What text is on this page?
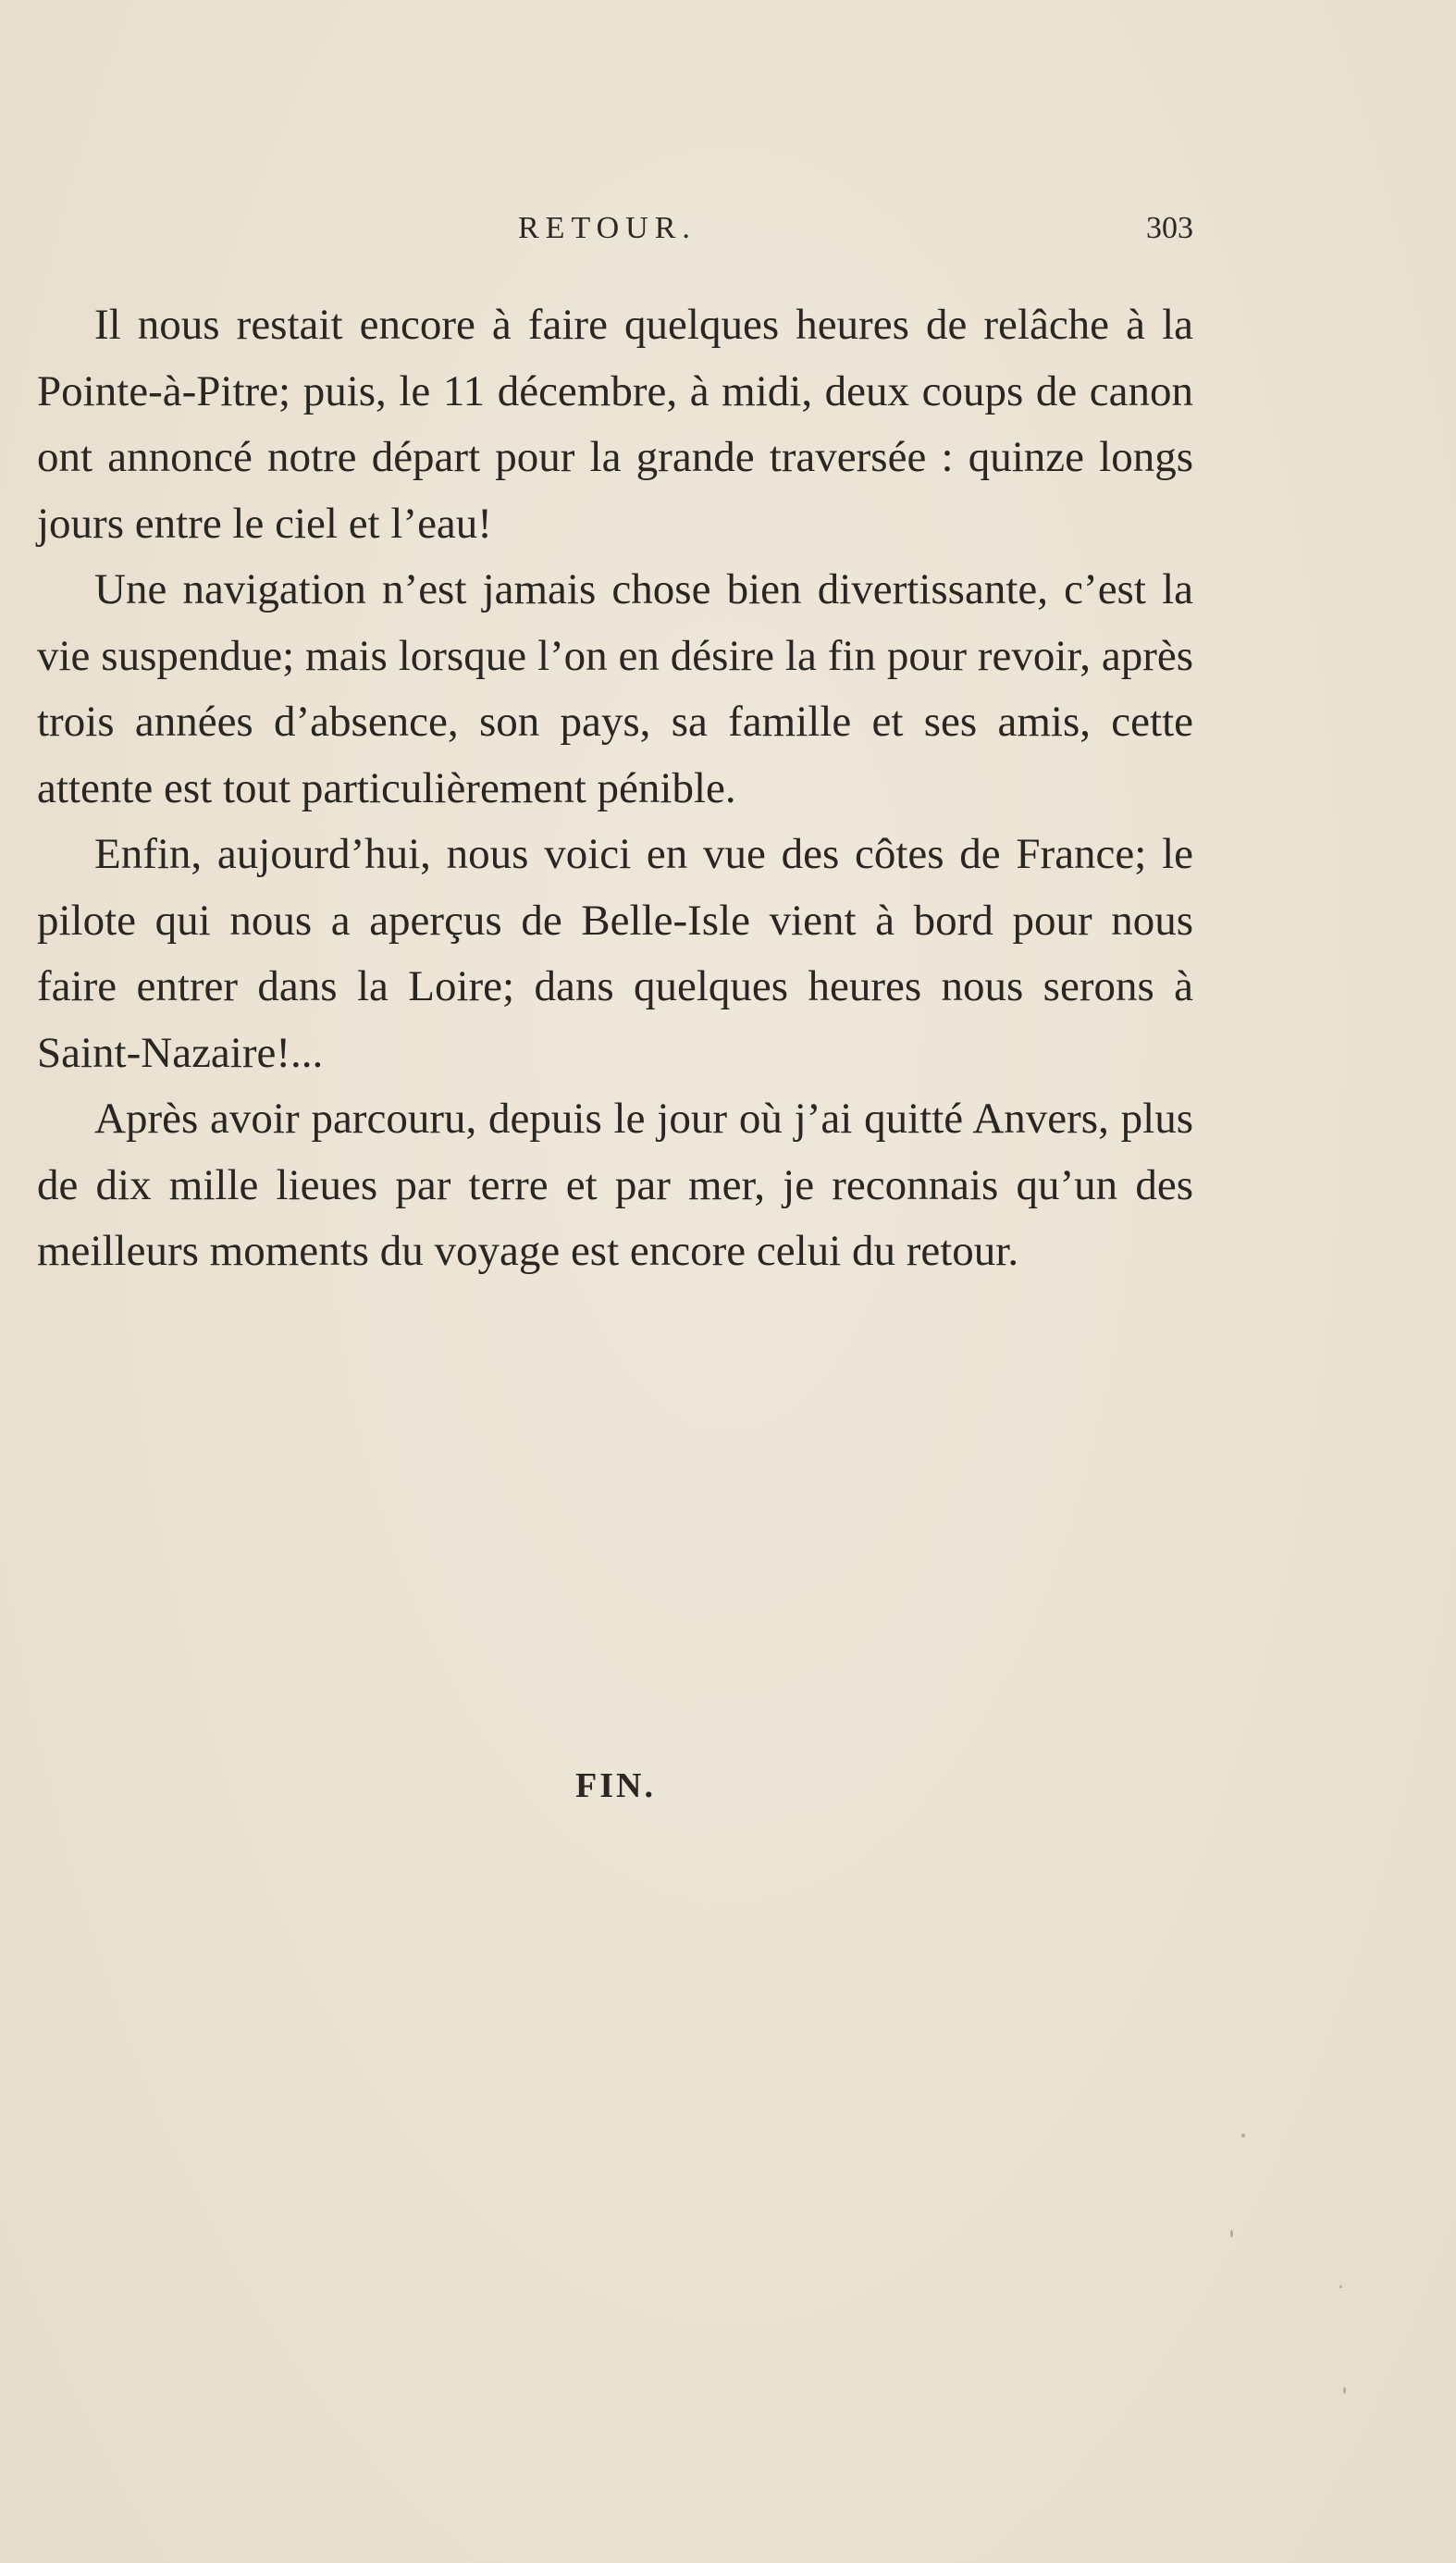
RETOUR.	303

Il nous restait encore à faire quelques heures de relâche à la Pointe-à-Pitre; puis, le 11 décembre, à midi, deux coups de canon ont annoncé notre départ pour la grande traversée : quinze longs jours entre le ciel et l’eau!

Une navigation n’est jamais chose bien divertissante, c’est la vie suspendue; mais lorsque l’on en désire la fin pour revoir, après trois années d’absence, son pays, sa famille et ses amis, cette attente est tout particulièrement pénible.

Enfin, aujourd’hui, nous voici en vue des côtes de France; le pilote qui nous a aperçus de Belle-Isle vient à bord pour nous faire entrer dans la Loire; dans quelques heures nous serons à Saint-Nazaire!...

Après avoir parcouru, depuis le jour où j’ai quitté Anvers, plus de dix mille lieues par terre et par mer, je reconnais qu’un des meilleurs moments du voyage est encore celui du retour.

FIN.
